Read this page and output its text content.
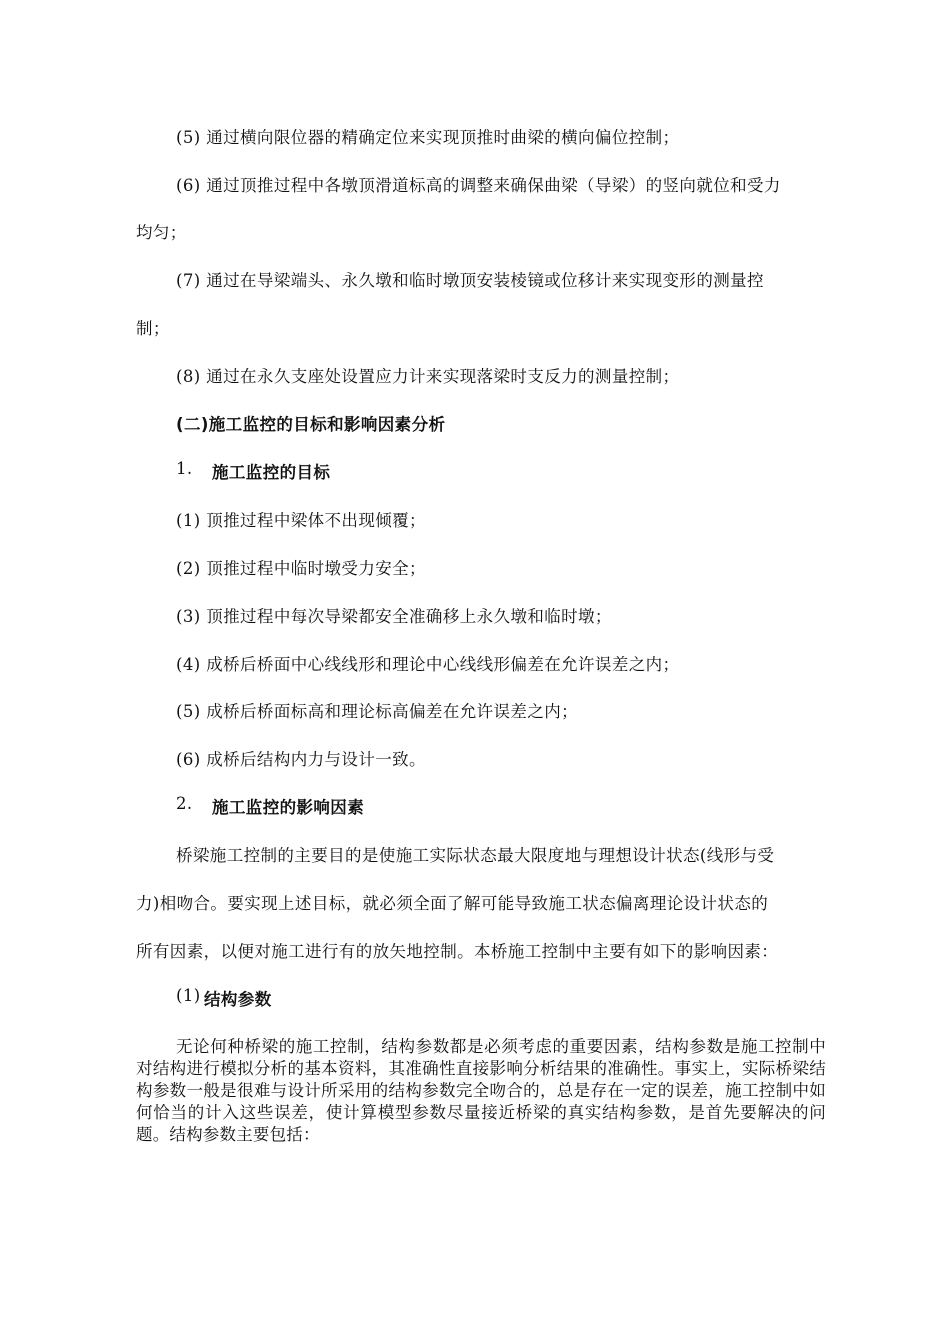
(5) 通过横向限位器的精确定位来实现顶推时曲梁的横向偏位控制；
(6) 通过顶推过程中各墩顶滑道标高的调整来确保曲梁（导梁）的竖向就位和受力
均匀；
(7) 通过在导梁端头、永久墩和临时墩顶安装棱镜或位移计来实现变形的测量控
制；
(8) 通过在永久支座处设置应力计来实现落梁时支反力的测量控制；
(二)施工监控的目标和影响因素分析
1. 施工监控的目标
(1) 顶推过程中梁体不出现倾覆；
(2) 顶推过程中临时墩受力安全；
(3) 顶推过程中每次导梁都安全准确移上永久墩和临时墩；
(4) 成桥后桥面中心线线形和理论中心线线形偏差在允许误差之内；
(5) 成桥后桥面标高和理论标高偏差在允许误差之内；
(6) 成桥后结构内力与设计一致。
2. 施工监控的影响因素
桥梁施工控制的主要目的是使施工实际状态最大限度地与理想设计状态(线形与受
力)相吻合。要实现上述目标，就必须全面了解可能导致施工状态偏离理论设计状态的
所有因素，以便对施工进行有的放矢地控制。本桥施工控制中主要有如下的影响因素：
(1) 结构参数
无论何种桥梁的施工控制，结构参数都是必须考虑的重要因素，结构参数是施工控制中对结构进行模拟分析的基本资料，其准确性直接影响分析结果的准确性。事实上，实际桥梁结构参数一般是很难与设计所采用的结构参数完全吻合的，总是存在一定的误差，施工控制中如何恰当的计入这些误差，使计算模型参数尽量接近桥梁的真实结构参数，是首先要解决的问题。结构参数主要包括：
